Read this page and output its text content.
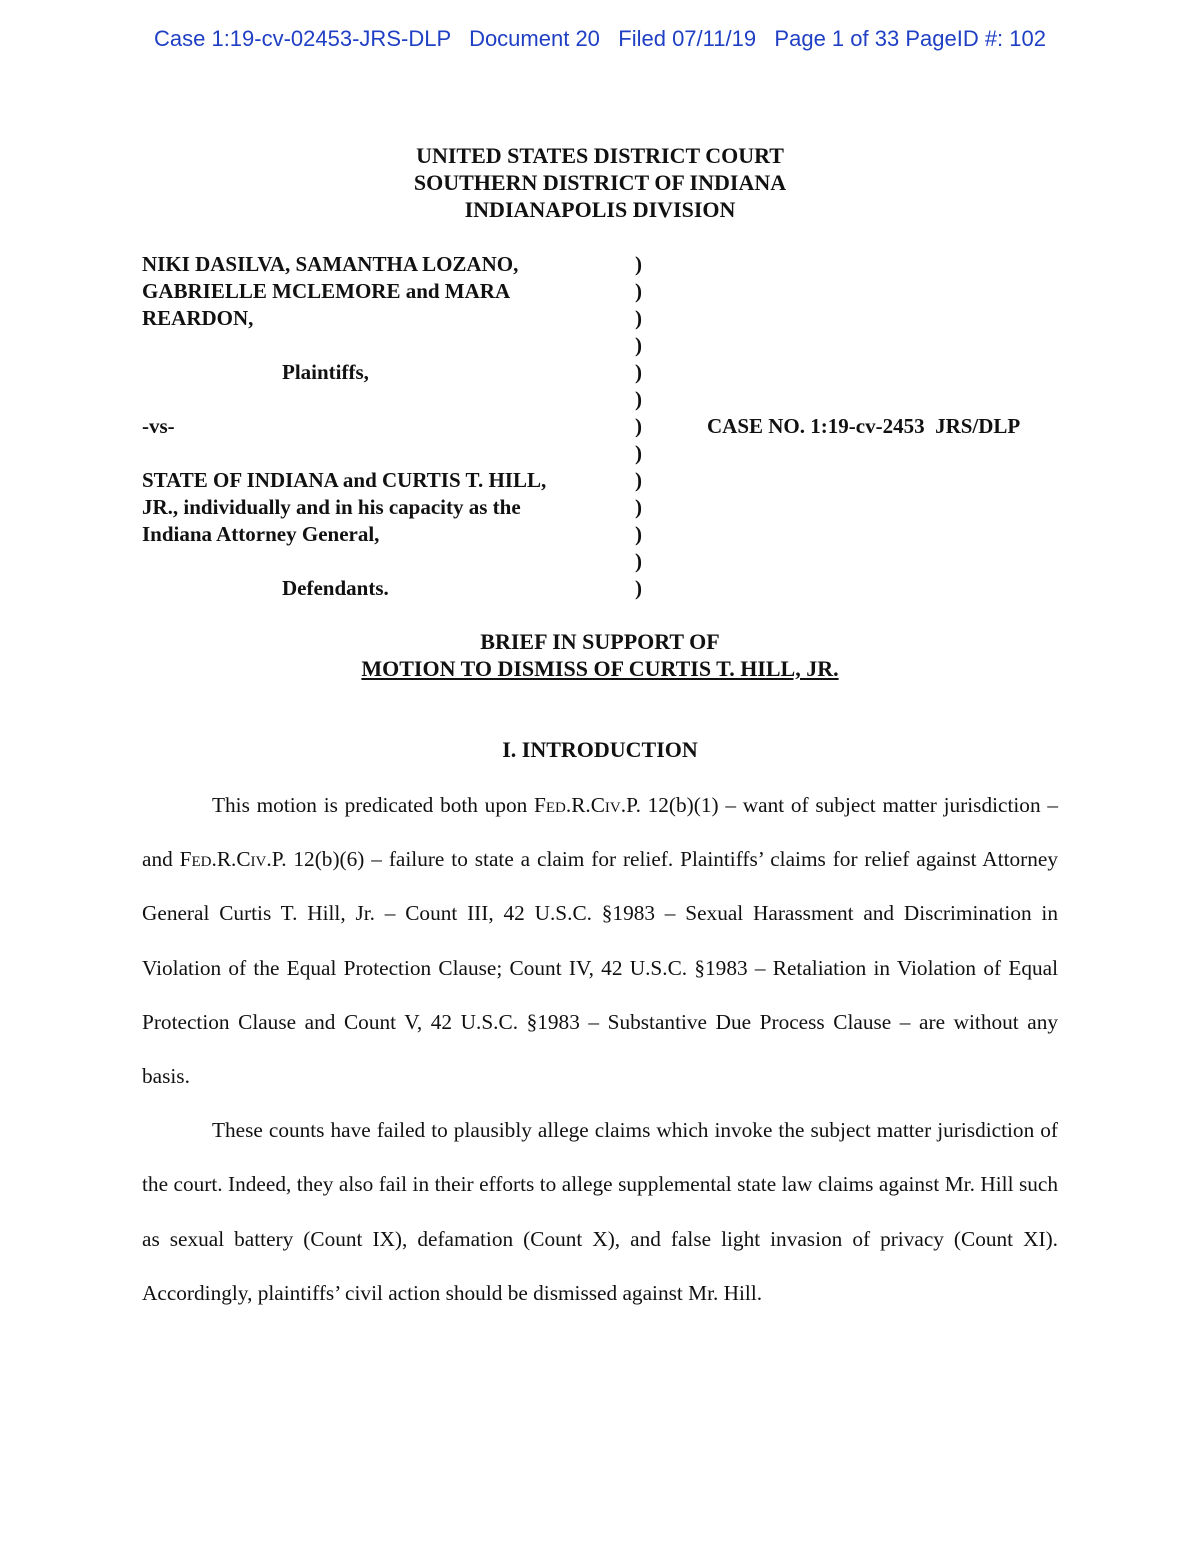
Case 1:19-cv-02453-JRS-DLP Document 20 Filed 07/11/19 Page 1 of 33 PageID #: 102
UNITED STATES DISTRICT COURT
SOUTHERN DISTRICT OF INDIANA
INDIANAPOLIS DIVISION
NIKI DASILVA, SAMANTHA LOZANO,
GABRIELLE MCLEMORE and MARA
REARDON,
Plaintiffs,
-vs-
STATE OF INDIANA and CURTIS T. HILL,
JR., individually and in his capacity as the
Indiana Attorney General,
Defendants.
)
)
)
)
)
)
)
)
)
)
)
)
)
CASE NO. 1:19-cv-2453  JRS/DLP
BRIEF IN SUPPORT OF
MOTION TO DISMISS OF CURTIS T. HILL, JR.
I. INTRODUCTION

This motion is predicated both upon Fed.R.Civ.P. 12(b)(1) – want of subject matter jurisdiction – and Fed.R.Civ.P. 12(b)(6) – failure to state a claim for relief. Plaintiffs’ claims for relief against Attorney General Curtis T. Hill, Jr. – Count III, 42 U.S.C. §1983 – Sexual Harassment and Discrimination in Violation of the Equal Protection Clause; Count IV, 42 U.S.C. §1983 – Retaliation in Violation of Equal Protection Clause and Count V, 42 U.S.C. §1983 – Substantive Due Process Clause – are without any basis.

These counts have failed to plausibly allege claims which invoke the subject matter jurisdiction of the court. Indeed, they also fail in their efforts to allege supplemental state law claims against Mr. Hill such as sexual battery (Count IX), defamation (Count X), and false light invasion of privacy (Count XI). Accordingly, plaintiffs’ civil action should be dismissed against Mr. Hill.
